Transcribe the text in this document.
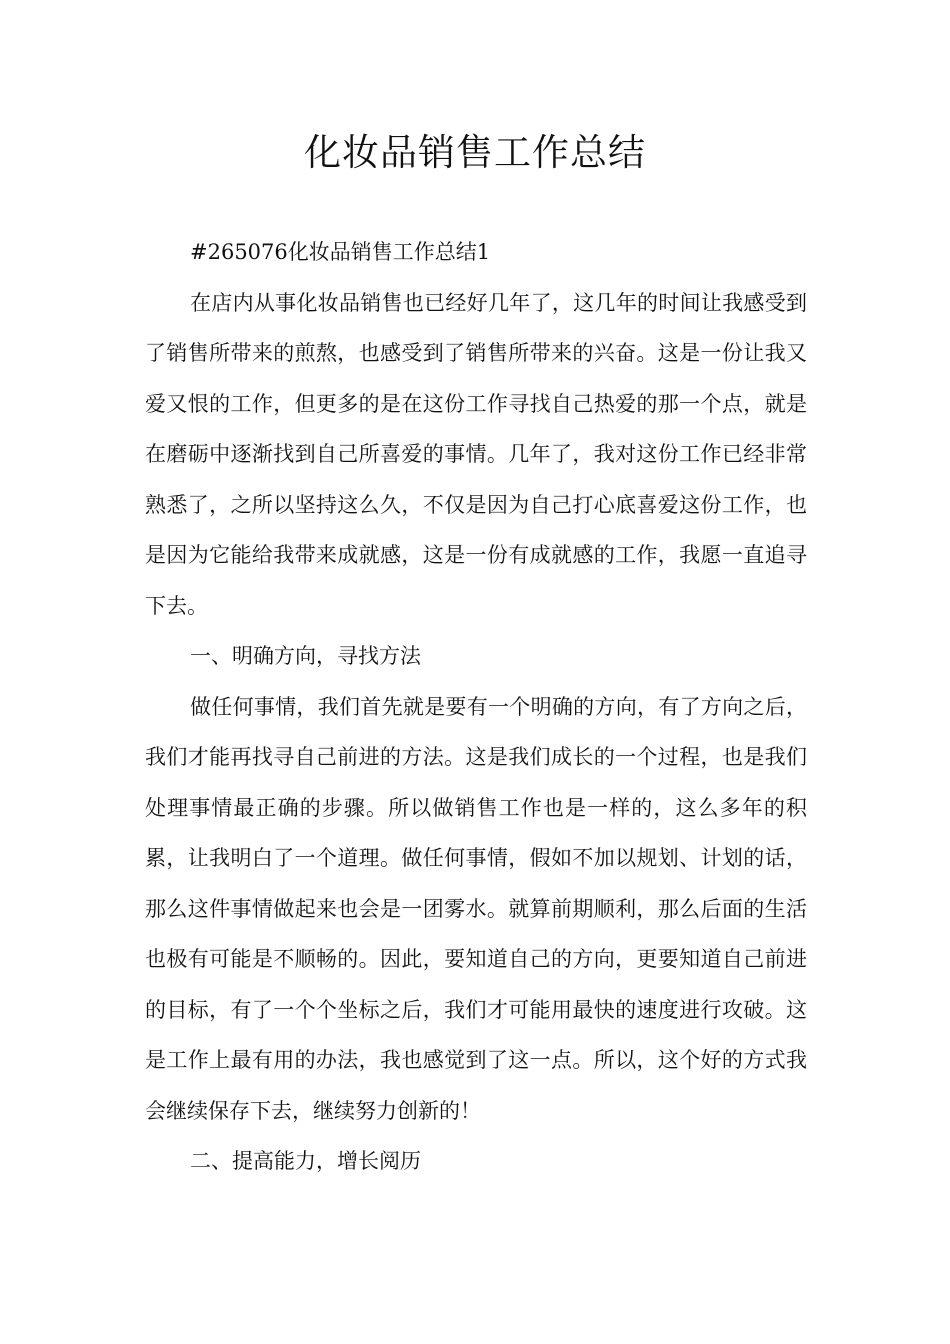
化妆品销售工作总结

#265076化妆品销售工作总结1

在店内从事化妆品销售也已经好几年了，这几年的时间让我感受到了销售所带来的煎熬，也感受到了销售所带来的兴奋。这是一份让我又爱又恨的工作，但更多的是在这份工作寻找自己热爱的那一个点，就是在磨砺中逐渐找到自己所喜爱的事情。几年了，我对这份工作已经非常熟悉了，之所以坚持这么久，不仅是因为自己打心底喜爱这份工作，也是因为它能给我带来成就感，这是一份有成就感的工作，我愿一直追寻下去。

一、明确方向，寻找方法

做任何事情，我们首先就是要有一个明确的方向，有了方向之后，我们才能再找寻自己前进的方法。这是我们成长的一个过程，也是我们处理事情最正确的步骤。所以做销售工作也是一样的，这么多年的积累，让我明白了一个道理。做任何事情，假如不加以规划、计划的话，那么这件事情做起来也会是一团雾水。就算前期顺利，那么后面的生活也极有可能是不顺畅的。因此，要知道自己的方向，更要知道自己前进的目标，有了一个个坐标之后，我们才可能用最快的速度进行攻破。这是工作上最有用的办法，我也感觉到了这一点。所以，这个好的方式我会继续保存下去，继续努力创新的！

二、提高能力，增长阅历
